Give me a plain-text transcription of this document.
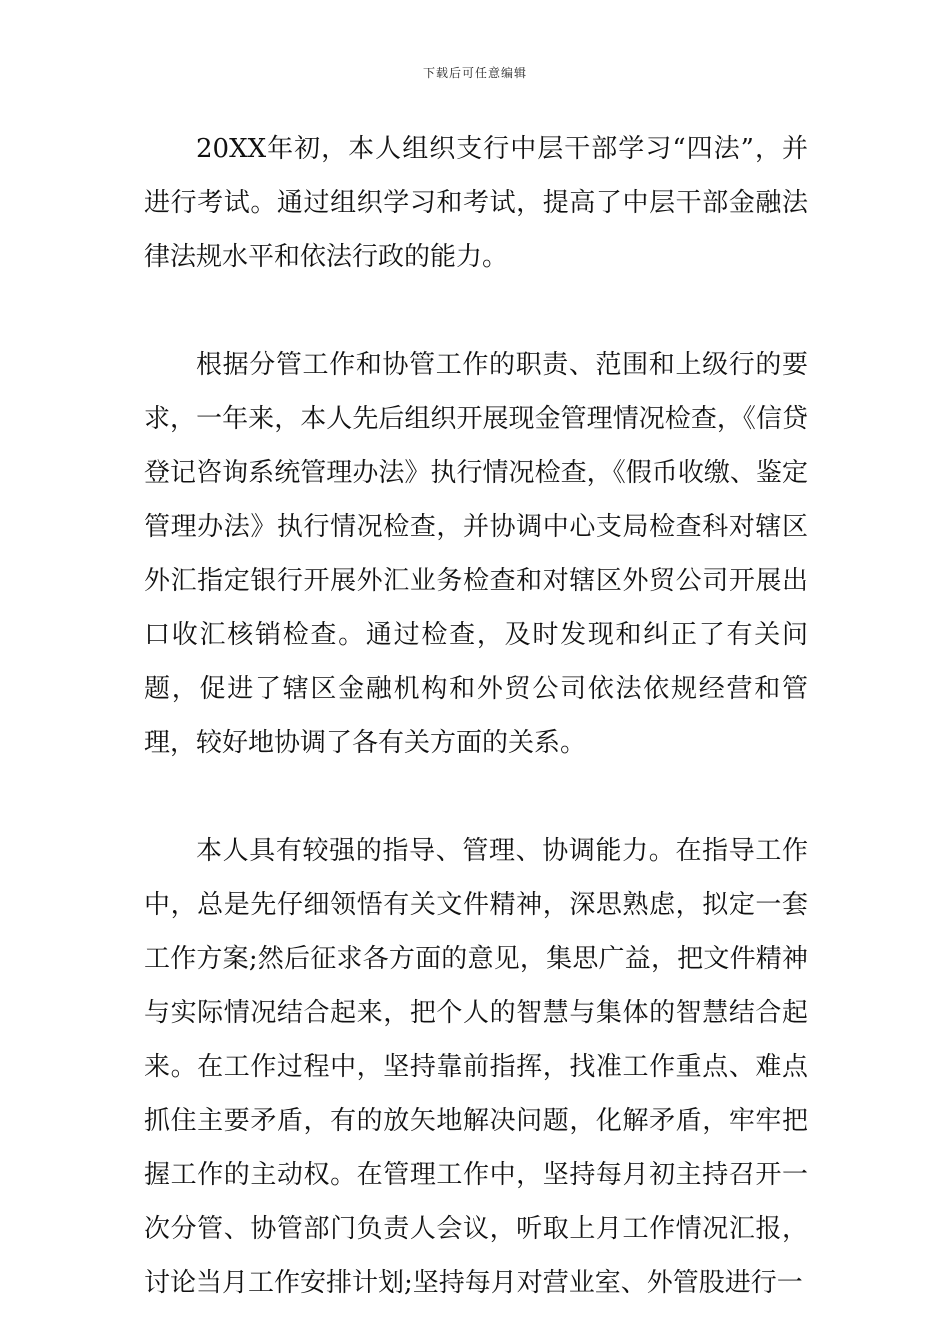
下载后可任意编辑

20XX年初，本人组织支行中层干部学习“四法”，并进行考试。通过组织学习和考试，提高了中层干部金融法律法规水平和依法行政的能力。

根据分管工作和协管工作的职责、范围和上级行的要求，一年来，本人先后组织开展现金管理情况检查，《信贷登记咨询系统管理办法》执行情况检查，《假币收缴、鉴定管理办法》执行情况检查，并协调中心支局检查科对辖区外汇指定银行开展外汇业务检查和对辖区外贸公司开展出口收汇核销检查。通过检查，及时发现和纠正了有关问题，促进了辖区金融机构和外贸公司依法依规经营和管理，较好地协调了各有关方面的关系。

本人具有较强的指导、管理、协调能力。在指导工作中，总是先仔细领悟有关文件精神，深思熟虑，拟定一套工作方案;然后征求各方面的意见，集思广益，把文件精神与实际情况结合起来，把个人的智慧与集体的智慧结合起来。在工作过程中，坚持靠前指挥，找准工作重点、难点抓住主要矛盾，有的放矢地解决问题，化解矛盾，牢牢把握工作的主动权。在管理工作中，坚持每月初主持召开一次分管、协管部门负责人会议，听取上月工作情况汇报，讨论当月工作安排计划;坚持每月对营业室、外管股进行一
